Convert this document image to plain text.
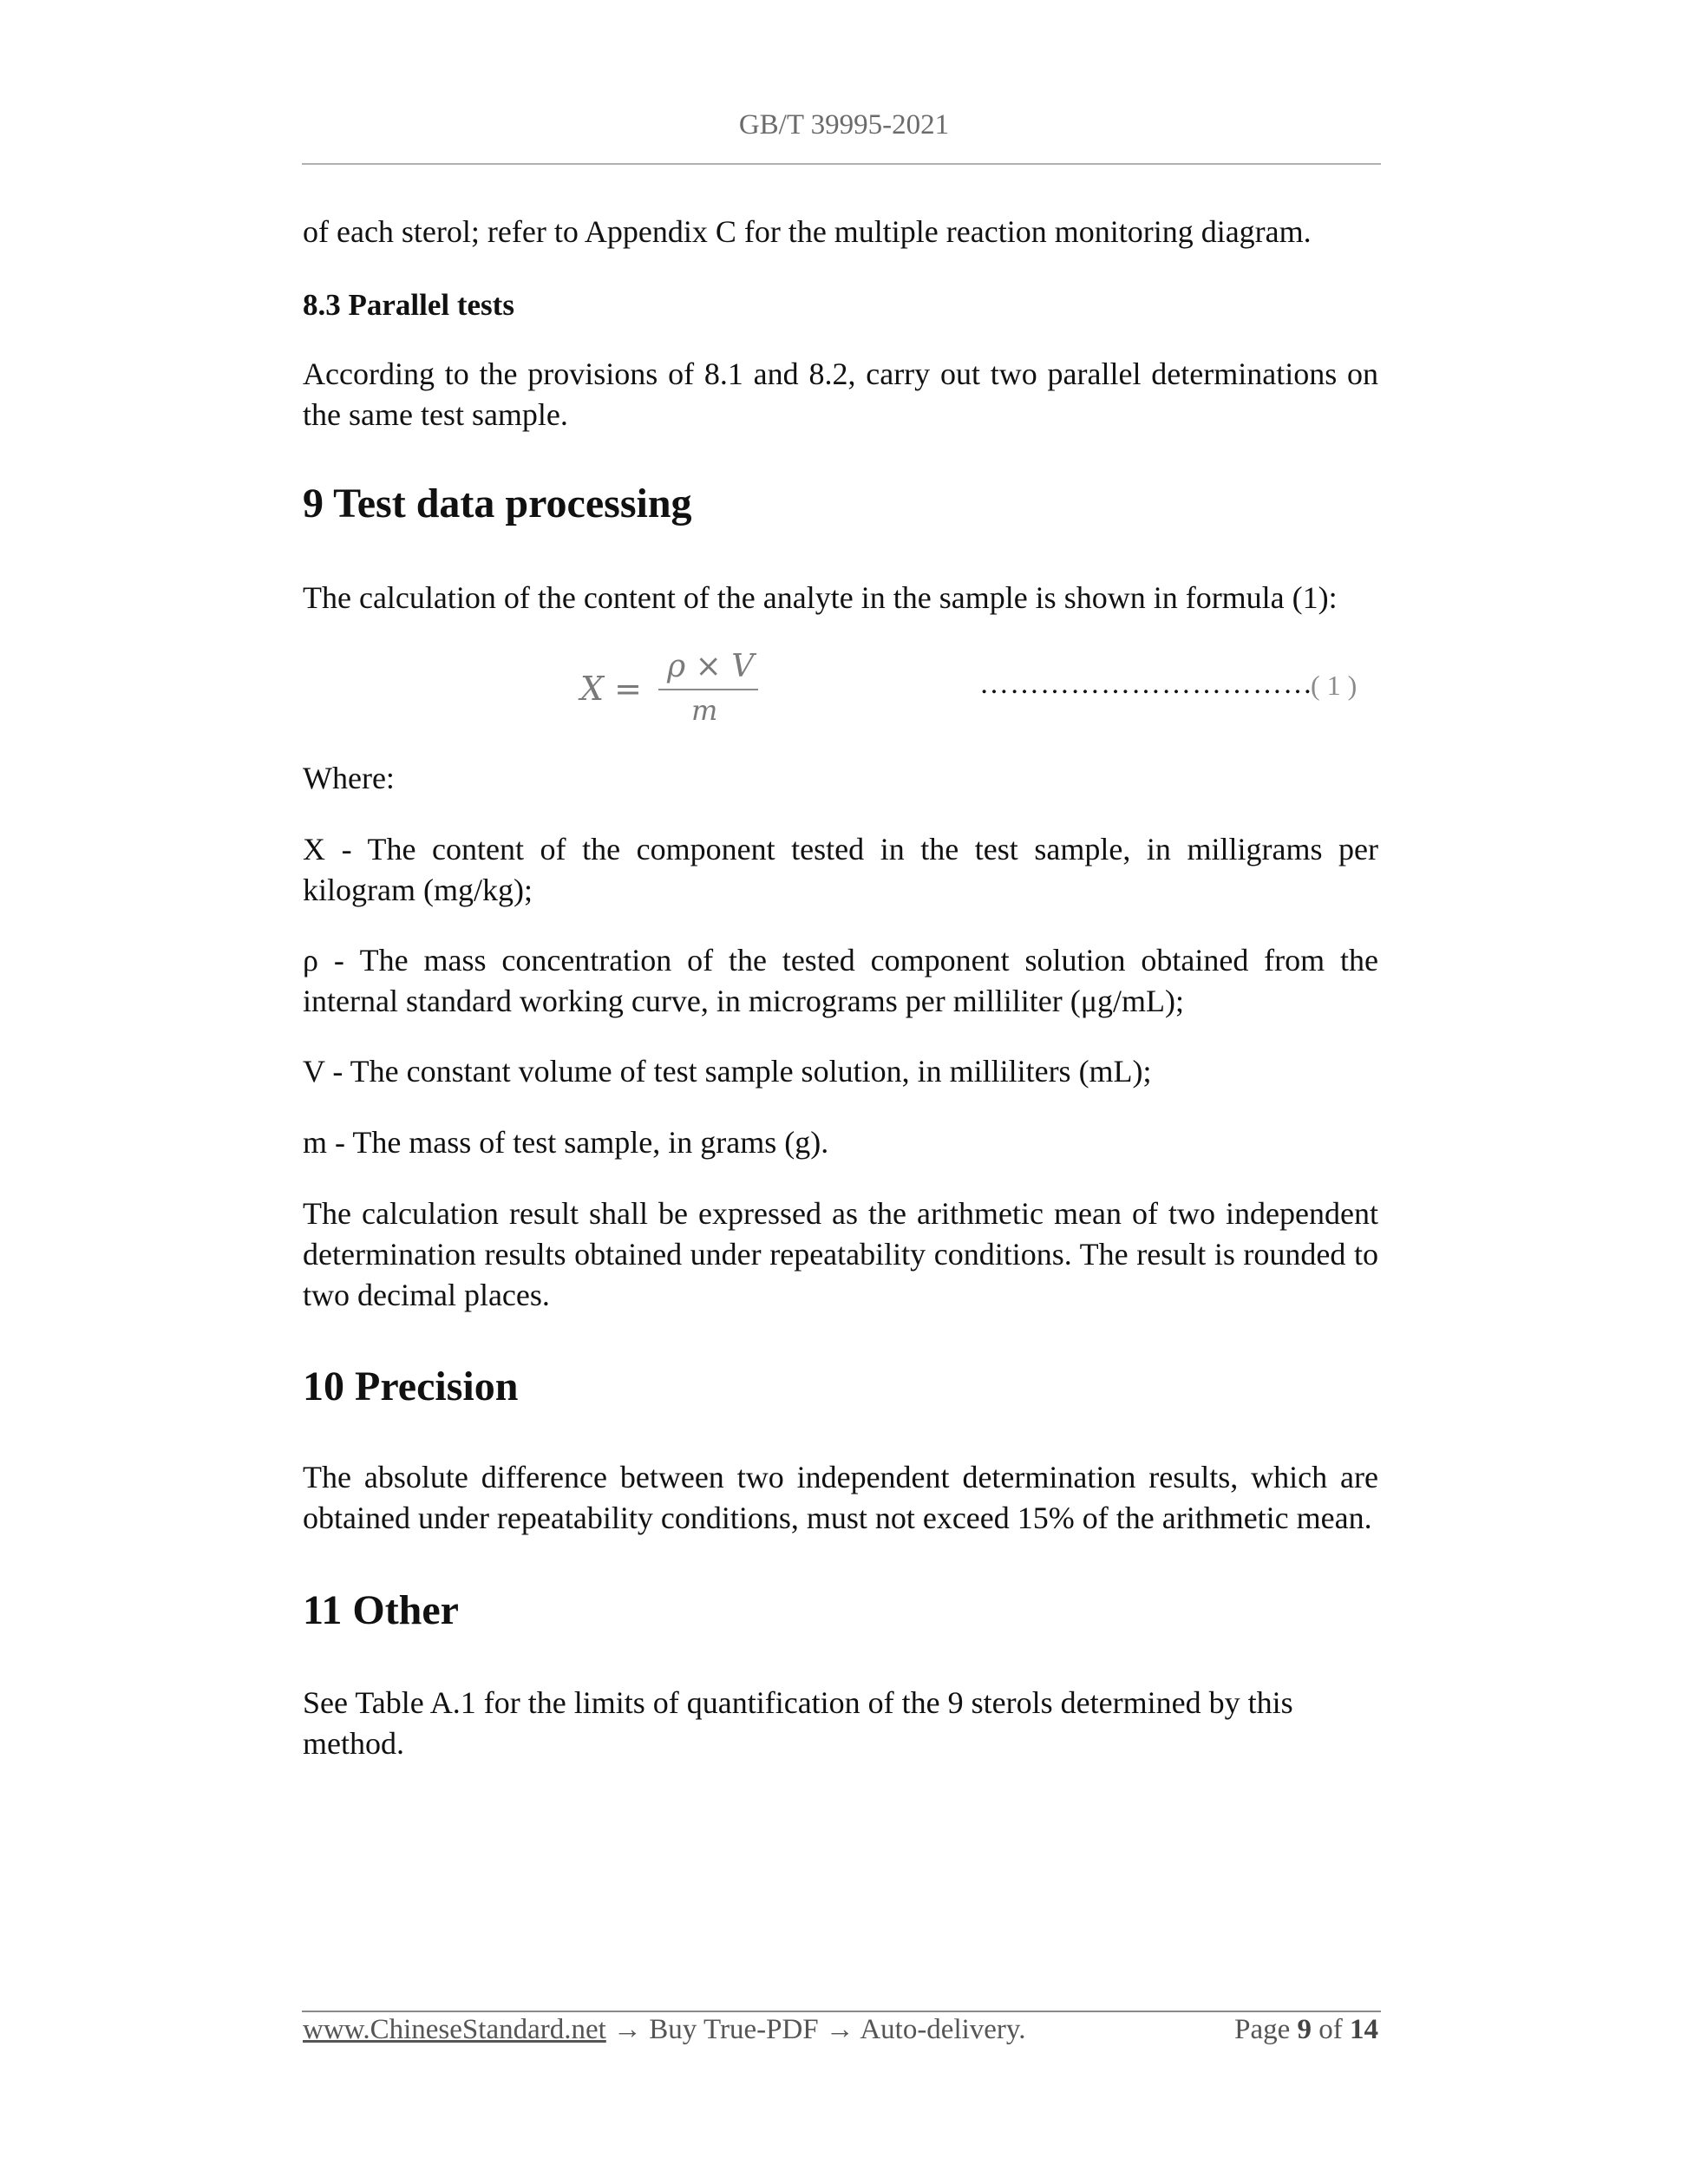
GB/T 39995-2021

of each sterol; refer to Appendix C for the multiple reaction monitoring diagram.

8.3 Parallel tests

According to the provisions of 8.1 and 8.2, carry out two parallel determinations on the same test sample.

9 Test data processing

The calculation of the content of the analyte in the sample is shown in formula (1):

X =
ρ × V
m
……………………………
( 1 )

Where:

X - The content of the component tested in the test sample, in milligrams per kilogram (mg/kg);

ρ - The mass concentration of the tested component solution obtained from the internal standard working curve, in micrograms per milliliter (μg/mL);

V - The constant volume of test sample solution, in milliliters (mL);

m - The mass of test sample, in grams (g).

The calculation result shall be expressed as the arithmetic mean of two independent determination results obtained under repeatability conditions. The result is rounded to two decimal places.

10 Precision

The absolute difference between two independent determination results, which are obtained under repeatability conditions, must not exceed 15% of the arithmetic mean.

11 Other

See Table A.1 for the limits of quantification of the 9 sterols determined by this method.

www.ChineseStandard.net → Buy True-PDF → Auto-delivery.	Page 9 of 14
